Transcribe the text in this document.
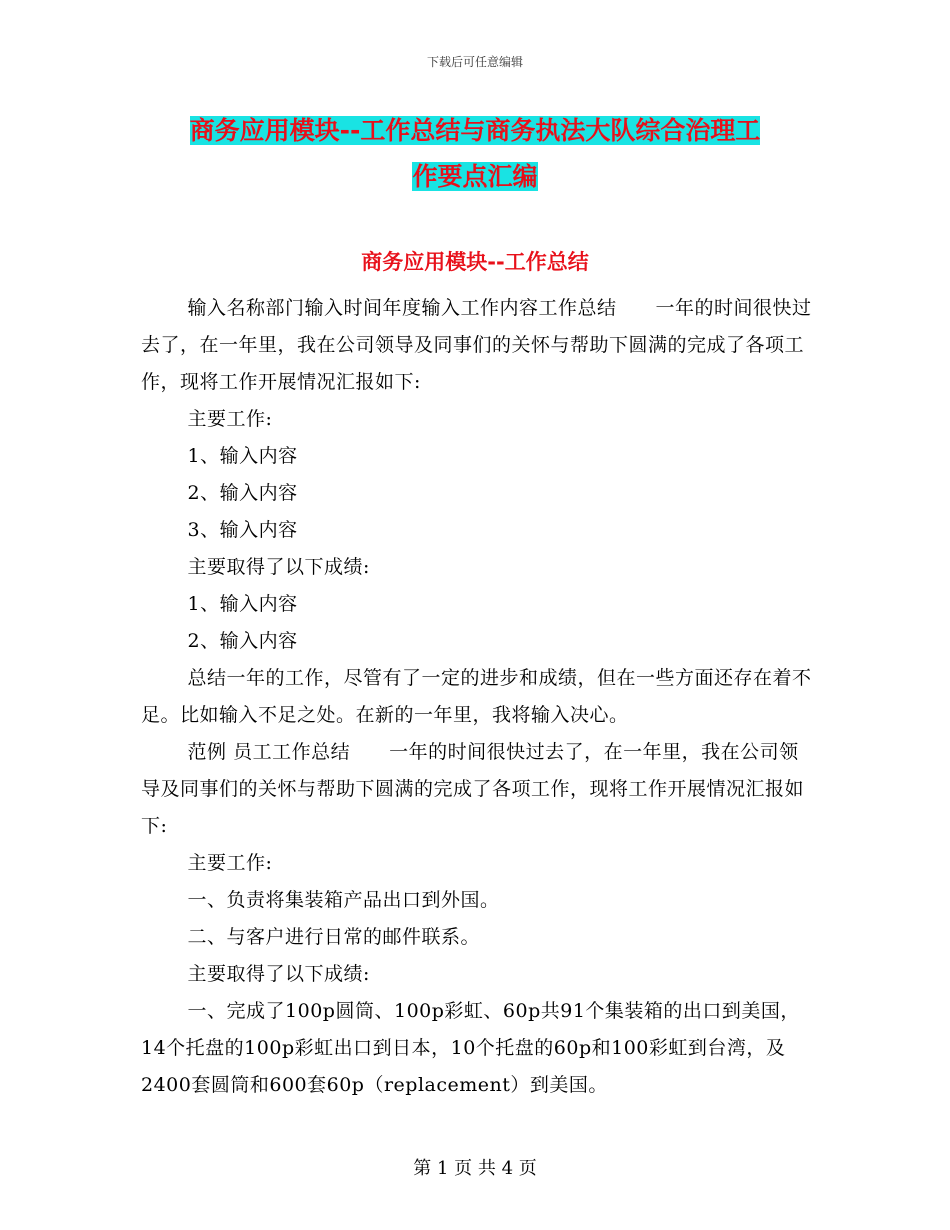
下载后可任意编辑
商务应用模块--工作总结与商务执法大队综合治理工
作要点汇编
商务应用模块--工作总结

输入名称部门输入时间年度输入工作内容工作总结　　一年的时间很快过去了，在一年里，我在公司领导及同事们的关怀与帮助下圆满的完成了各项工作，现将工作开展情况汇报如下:

主要工作:

1、输入内容

2、输入内容

3、输入内容

主要取得了以下成绩:

1、输入内容

2、输入内容

总结一年的工作，尽管有了一定的进步和成绩，但在一些方面还存在着不足。比如输入不足之处。在新的一年里，我将输入决心。

范例 员工工作总结　　一年的时间很快过去了，在一年里，我在公司领导及同事们的关怀与帮助下圆满的完成了各项工作，现将工作开展情况汇报如下:

主要工作:

一、负责将集装箱产品出口到外国。

二、与客户进行日常的邮件联系。

主要取得了以下成绩:

一、完成了100p圆筒、100p彩虹、60p共91个集装箱的出口到美国，14个托盘的100p彩虹出口到日本，10个托盘的60p和100彩虹到台湾，及2400套圆筒和600套60p（replacement）到美国。

第 1 页 共 4 页
